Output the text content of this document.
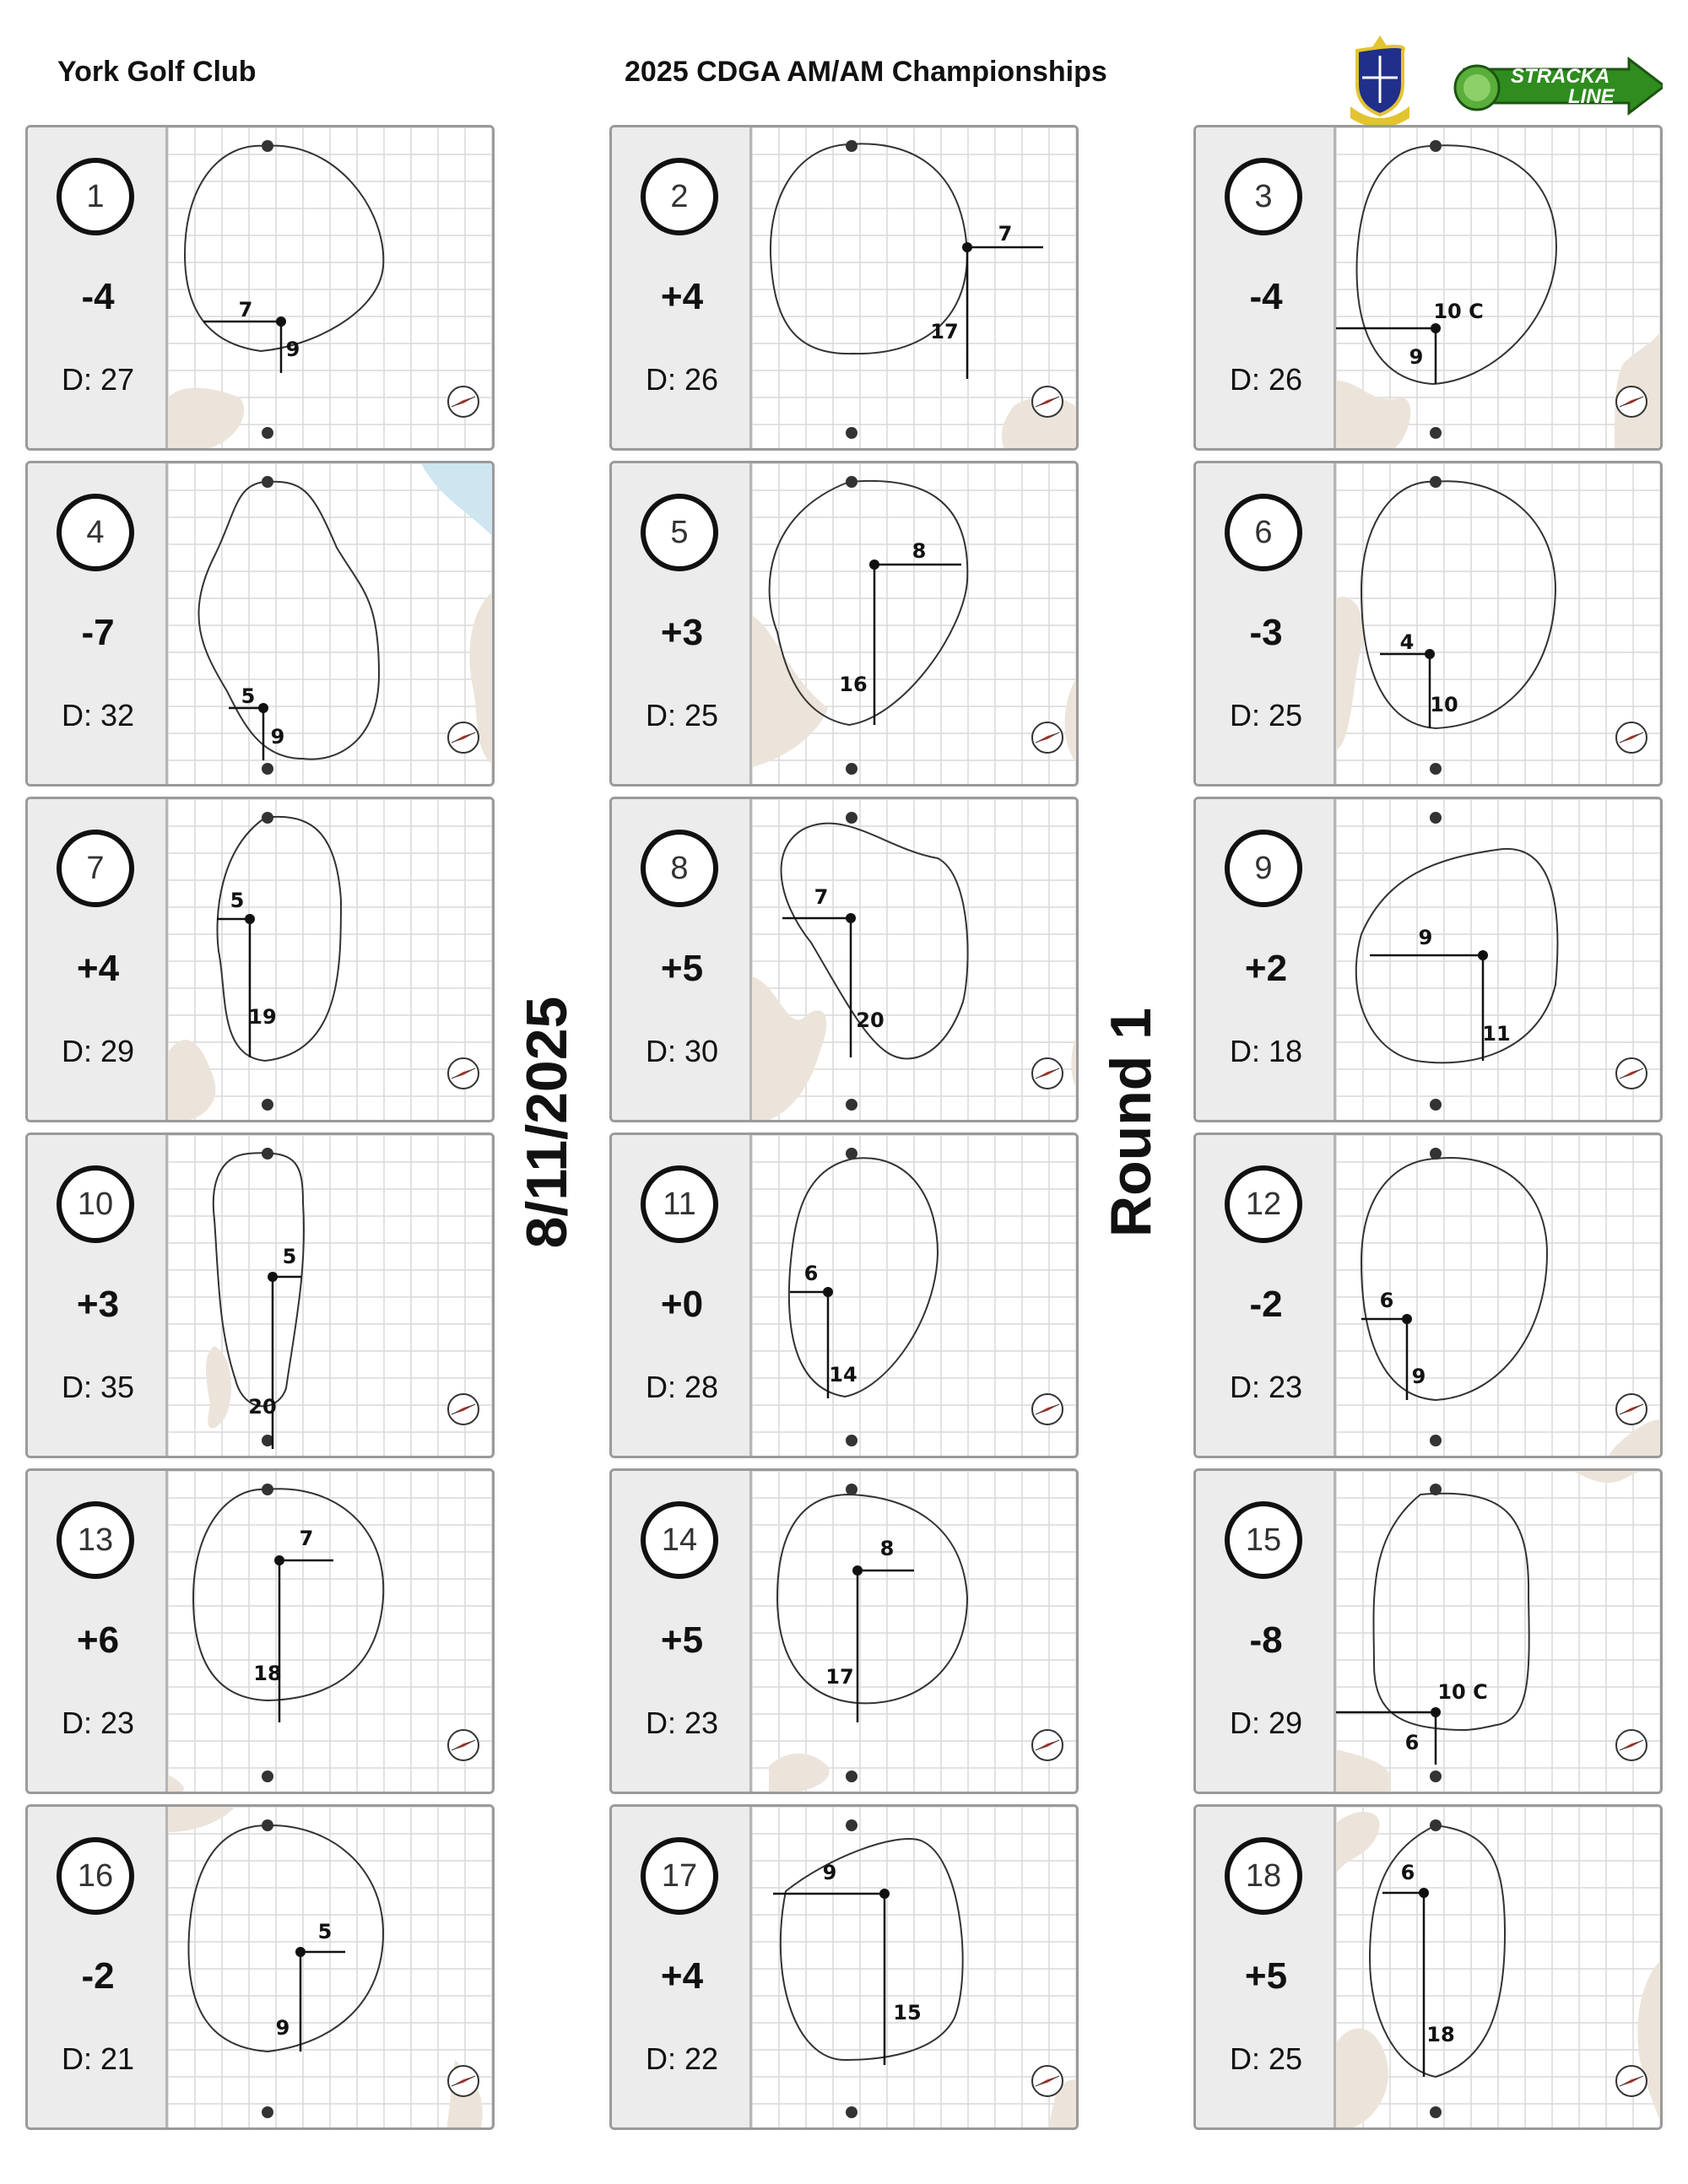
York Golf Club	2025 CDGA AM/AM Championships	STRACKA
LINE
8/11/2025	Round 1
1
-4
D: 27
7
9
2
+4
D: 26
7
17
3
-4
D: 26
10 C
9
4
-7
D: 32
5
9
5
+3
D: 25
8
16
6
-3
D: 25
4
10
7
+4
D: 29
5
19
8
+5
D: 30
7
20
9
+2
D: 18
9
11
10
+3
D: 35
5
20
11
+0
D: 28
6
14
12
-2
D: 23
6
9
13
+6
D: 23
7
18
14
+5
D: 23
8
17
15
-8
D: 29
10 C
6
16
-2
D: 21
5
9
17
+4
D: 22
9
15
18
+5
D: 25
6
18
